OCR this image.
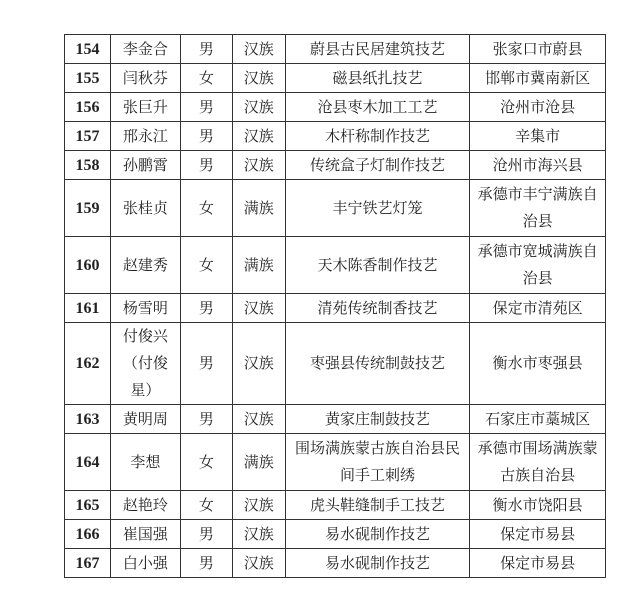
154	李金合	男	汉族	蔚县古民居建筑技艺	张家口市蔚县
155	闫秋芬	女	汉族	磁县纸扎技艺	邯郸市冀南新区
156	张巨升	男	汉族	沧县枣木加工工艺	沧州市沧县
157	邢永江	男	汉族	木杆称制作技艺	辛集市
158	孙鹏霄	男	汉族	传统盒子灯制作技艺	沧州市海兴县
159	张桂贞	女	满族	丰宁铁艺灯笼	承德市丰宁满族自治县
160	赵建秀	女	满族	天木陈香制作技艺	承德市宽城满族自治县
161	杨雪明	男	汉族	清苑传统制香技艺	保定市清苑区
162	付俊兴（付俊星）	男	汉族	枣强县传统制鼓技艺	衡水市枣强县
163	黄明周	男	汉族	黄家庄制鼓技艺	石家庄市藁城区
164	李想	女	满族	围场满族蒙古族自治县民间手工刺绣	承德市围场满族蒙古族自治县
165	赵艳玲	女	汉族	虎头鞋缝制手工技艺	衡水市饶阳县
166	崔国强	男	汉族	易水砚制作技艺	保定市易县
167	白小强	男	汉族	易水砚制作技艺	保定市易县
